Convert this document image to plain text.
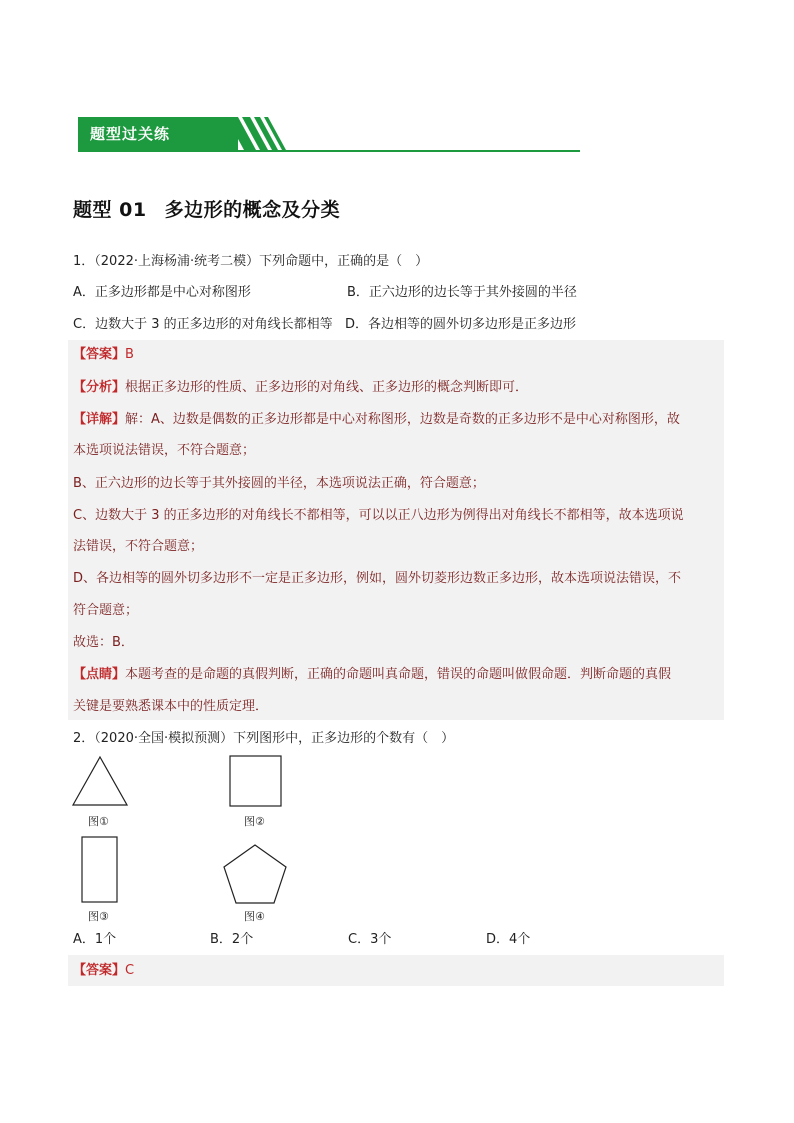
题型过关练
题型 01 多边形的概念及分类
1．（2022·上海杨浦·统考二模）下列命题中，正确的是（　）
A．正多边形都是中心对称图形	B．正六边形的边长等于其外接圆的半径
C．边数大于 3 的正多边形的对角线长都相等 D．各边相等的圆外切多边形是正多边形
【答案】B
【分析】根据正多边形的性质、正多边形的对角线、正多边形的概念判断即可．
【详解】解：A、边数是偶数的正多边形都是中心对称图形，边数是奇数的正多边形不是中心对称图形，故
本选项说法错误，不符合题意；
B、正六边形的边长等于其外接圆的半径，本选项说法正确，符合题意；
C、边数大于 3 的正多边形的对角线长不都相等，可以以正八边形为例得出对角线长不都相等，故本选项说
法错误，不符合题意；
D、各边相等的圆外切多边形不一定是正多边形，例如，圆外切菱形边数正多边形，故本选项说法错误，不
符合题意；
故选：B．
【点睛】本题考查的是命题的真假判断，正确的命题叫真命题，错误的命题叫做假命题．判断命题的真假
关键是要熟悉课本中的性质定理．
2．（2020·全国·模拟预测）下列图形中，正多边形的个数有（　）
图①	图②
图③	图④
A．1个	B．2个	C．3个	D．4个
【答案】C
